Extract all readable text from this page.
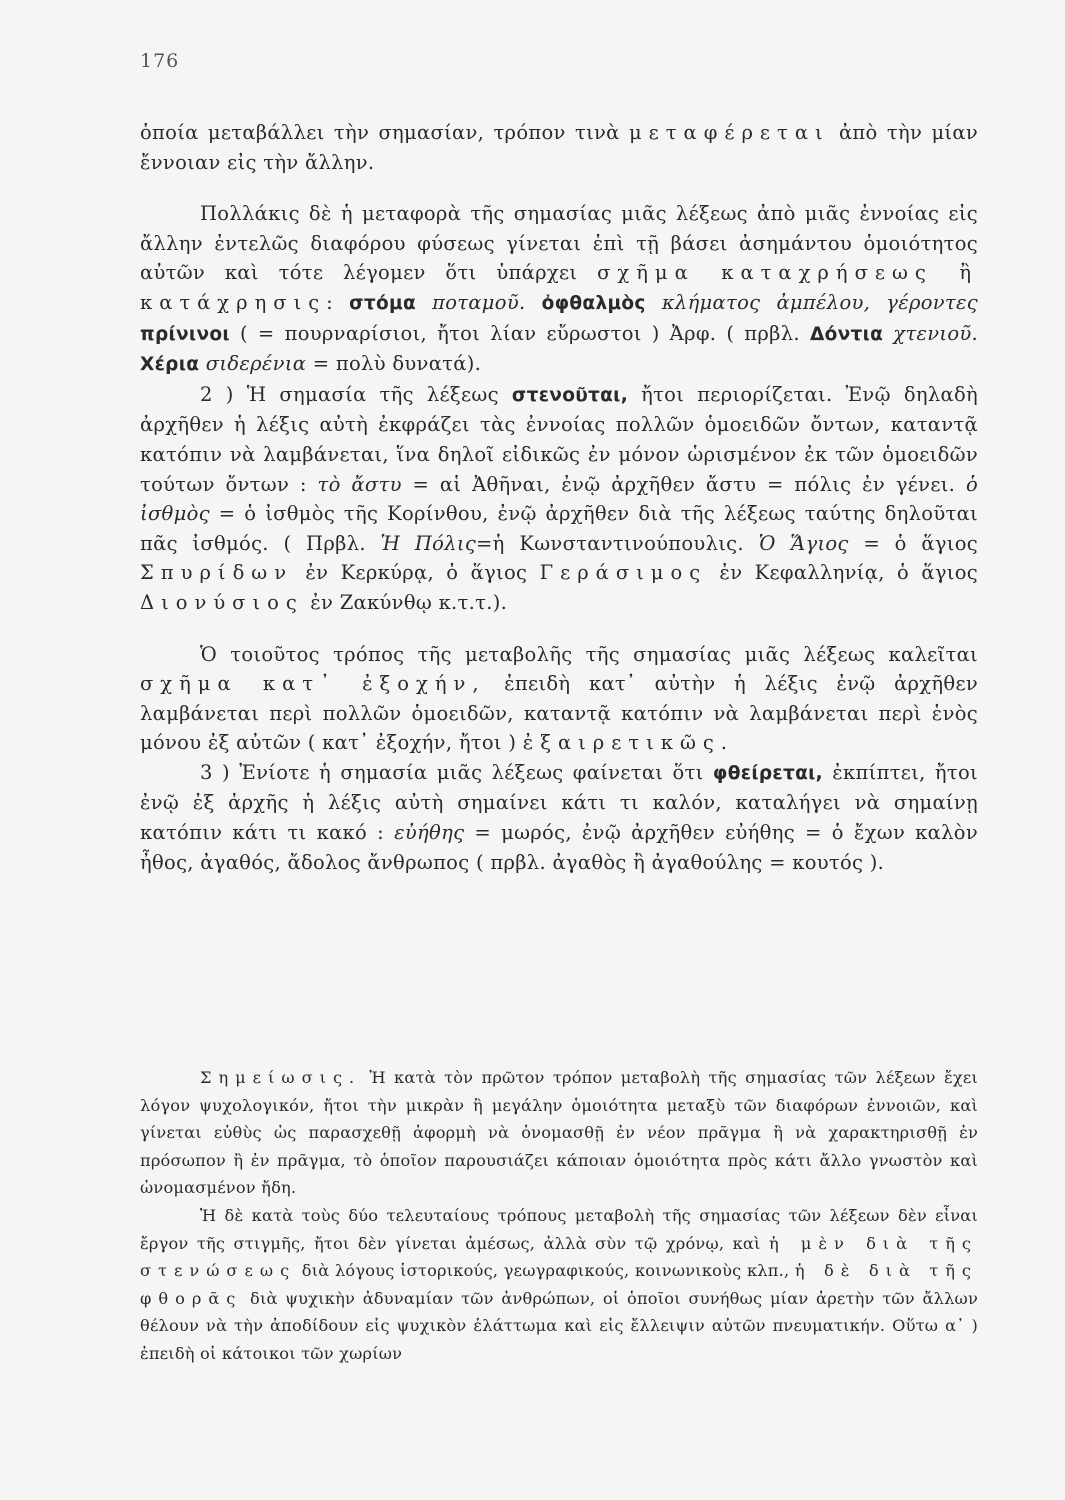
176

ὁποία μεταβάλλει τὴν σημασίαν, τρόπον τινὰ μεταφέρεται ἀπὸ τὴν μίαν ἔννοιαν εἰς τὴν ἄλλην.

Πολλάκις δὲ ἡ μεταφορὰ τῆς σημασίας μιᾶς λέξεως ἀπὸ μιᾶς ἐννοίας εἰς ἄλλην ἐντελῶς διαφόρου φύσεως γίνεται ἐπὶ τῇ βάσει ἀσημάντου ὁμοιότητος αὐτῶν καὶ τότε λέγομεν ὅτι ὑπάρχει σχῆμα καταχρήσεως ἢ κατάχρησις: στόμα ποταμοῦ. ὀφθαλμὸς κλήματος ἀμπέλου, γέροντες πρίνινοι ( = πουρναρίσιοι, ἤτοι λίαν εὔρωστοι ) Ἀρφ. ( πρβλ. Δόντια χτενιοῦ. Χέρια σιδερένια = πολὺ δυνατά).

2 ) Ἡ σημασία τῆς λέξεως στενοῦται, ἤτοι περιορίζεται. Ἐνῷ δηλαδὴ ἀρχῆθεν ἡ λέξις αὐτὴ ἐκφράζει τὰς ἐννοίας πολλῶν ὁμοειδῶν ὄντων, καταντᾷ κατόπιν νὰ λαμβάνεται, ἵνα δηλοῖ εἰδικῶς ἐν μόνον ὡρισμένον ἐκ τῶν ὁμοειδῶν τούτων ὄντων : τὸ ἄστυ = αἱ Ἀθῆναι, ἐνῷ ἀρχῆθεν ἄστυ = πόλις ἐν γένει. ὁ ἰσθμὸς = ὁ ἰσθμὸς τῆς Κορίνθου, ἐνῷ ἀρχῆθεν διὰ τῆς λέξεως ταύτης δηλοῦται πᾶς ἰσθμός. ( Πρβλ. Ἡ Πόλις=ἡ Κωνσταντινούπουλις. Ὁ Ἅγιος = ὁ ἅγιος Σπυρίδων ἐν Κερκύρᾳ, ὁ ἅγιος Γεράσιμος ἐν Κεφαλληνίᾳ, ὁ ἅγιος Διονύσιος ἐν Ζακύνθῳ κ.τ.τ.).

Ὁ τοιοῦτος τρόπος τῆς μεταβολῆς τῆς σημασίας μιᾶς λέξεως καλεῖται σχῆμα κατ᾽ ἐξοχήν, ἐπειδὴ κατ᾽ αὐτὴν ἡ λέξις ἐνῷ ἀρχῆθεν λαμβάνεται περὶ πολλῶν ὁμοειδῶν, καταντᾷ κατόπιν νὰ λαμβάνεται περὶ ἑνὸς μόνου ἐξ αὐτῶν ( κατ᾽ ἐξοχήν, ἤτοι ) ἐξαιρετικῶς.

3 ) Ἐνίοτε ἡ σημασία μιᾶς λέξεως φαίνεται ὅτι φθείρεται, ἐκπίπτει, ἤτοι ἐνῷ ἐξ ἀρχῆς ἡ λέξις αὐτὴ σημαίνει κάτι τι καλόν, καταλήγει νὰ σημαίνῃ κατόπιν κάτι τι κακό : εὐήθης = μωρός, ἐνῷ ἀρχῆθεν εὐήθης = ὁ ἔχων καλὸν ἦθος, ἀγαθός, ἄδολος ἄνθρωπος ( πρβλ. ἀγαθὸς ἢ ἀγαθούλης = κουτός ).

Σημείωσις. Ἡ κατὰ τὸν πρῶτον τρόπον μεταβολὴ τῆς σημασίας τῶν λέξεων ἔχει λόγον ψυχολογικόν, ἤτοι τὴν μικρὰν ἢ μεγάλην ὁμοιότητα μεταξὺ τῶν διαφόρων ἐννοιῶν, καὶ γίνεται εὐθὺς ὡς παρασχεθῇ ἀφορμὴ νὰ ὀνομασθῇ ἐν νέον πρᾶγμα ἢ νὰ χαρακτηρισθῇ ἐν πρόσωπον ἢ ἐν πρᾶγμα, τὸ ὁποῖον παρουσιάζει κάποιαν ὁμοιότητα πρὸς κάτι ἄλλο γνωστὸν καὶ ὠνομασμένον ἤδη.

Ἡ δὲ κατὰ τοὺς δύο τελευταίους τρόπους μεταβολὴ τῆς σημασίας τῶν λέξεων δὲν εἶναι ἔργον τῆς στιγμῆς, ἤτοι δὲν γίνεται ἀμέσως, ἀλλὰ σὺν τῷ χρόνῳ, καὶ ἡ μὲν διὰ τῆς στενώσεως διὰ λόγους ἱστορικούς, γεωγραφικούς, κοινωνικοὺς κλπ., ἡ δὲ διὰ τῆς φθορᾶς διὰ ψυχικὴν ἀδυναμίαν τῶν ἀνθρώπων, οἱ ὁποῖοι συνήθως μίαν ἀρετὴν τῶν ἄλλων θέλουν νὰ τὴν ἀποδίδουν εἰς ψυχικὸν ἐλάττωμα καὶ εἰς ἔλλειψιν αὐτῶν πνευματικήν. Οὕτω α᾽ ) ἐπειδὴ οἱ κάτοικοι τῶν χωρίων
